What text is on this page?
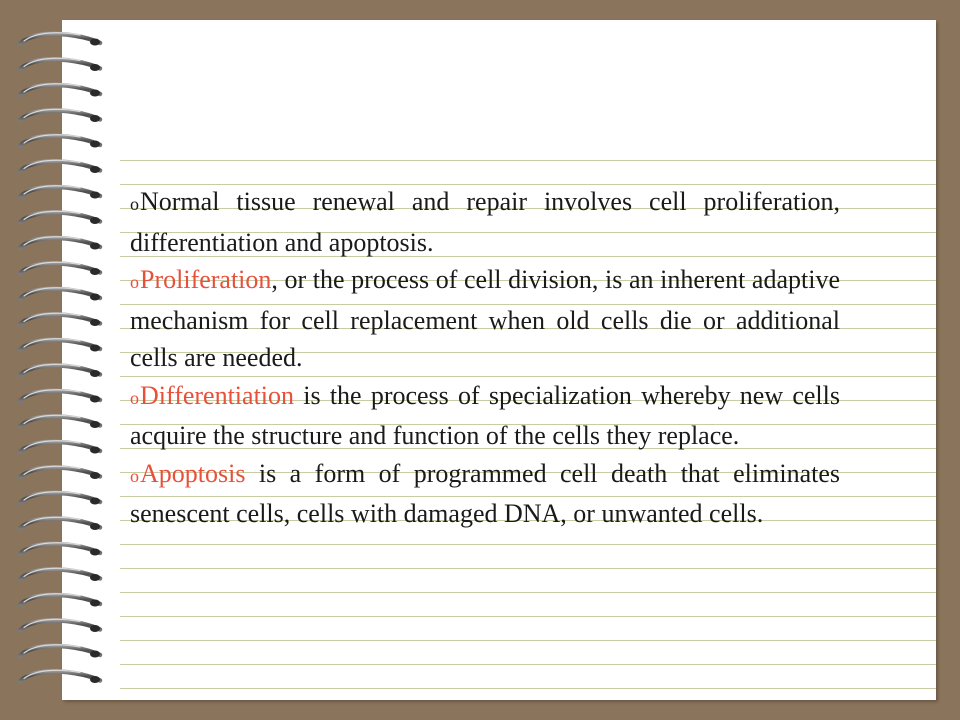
oNormal tissue renewal and repair involves cell proliferation, differentiation and apoptosis.

oProliferation, or the process of cell division, is an inherent adaptive mechanism for cell replacement when old cells die or additional cells are needed.

oDifferentiation is the process of specialization whereby new cells acquire the structure and function of the cells they replace.

oApoptosis is a form of programmed cell death that eliminates senescent cells, cells with damaged DNA, or unwanted cells.
